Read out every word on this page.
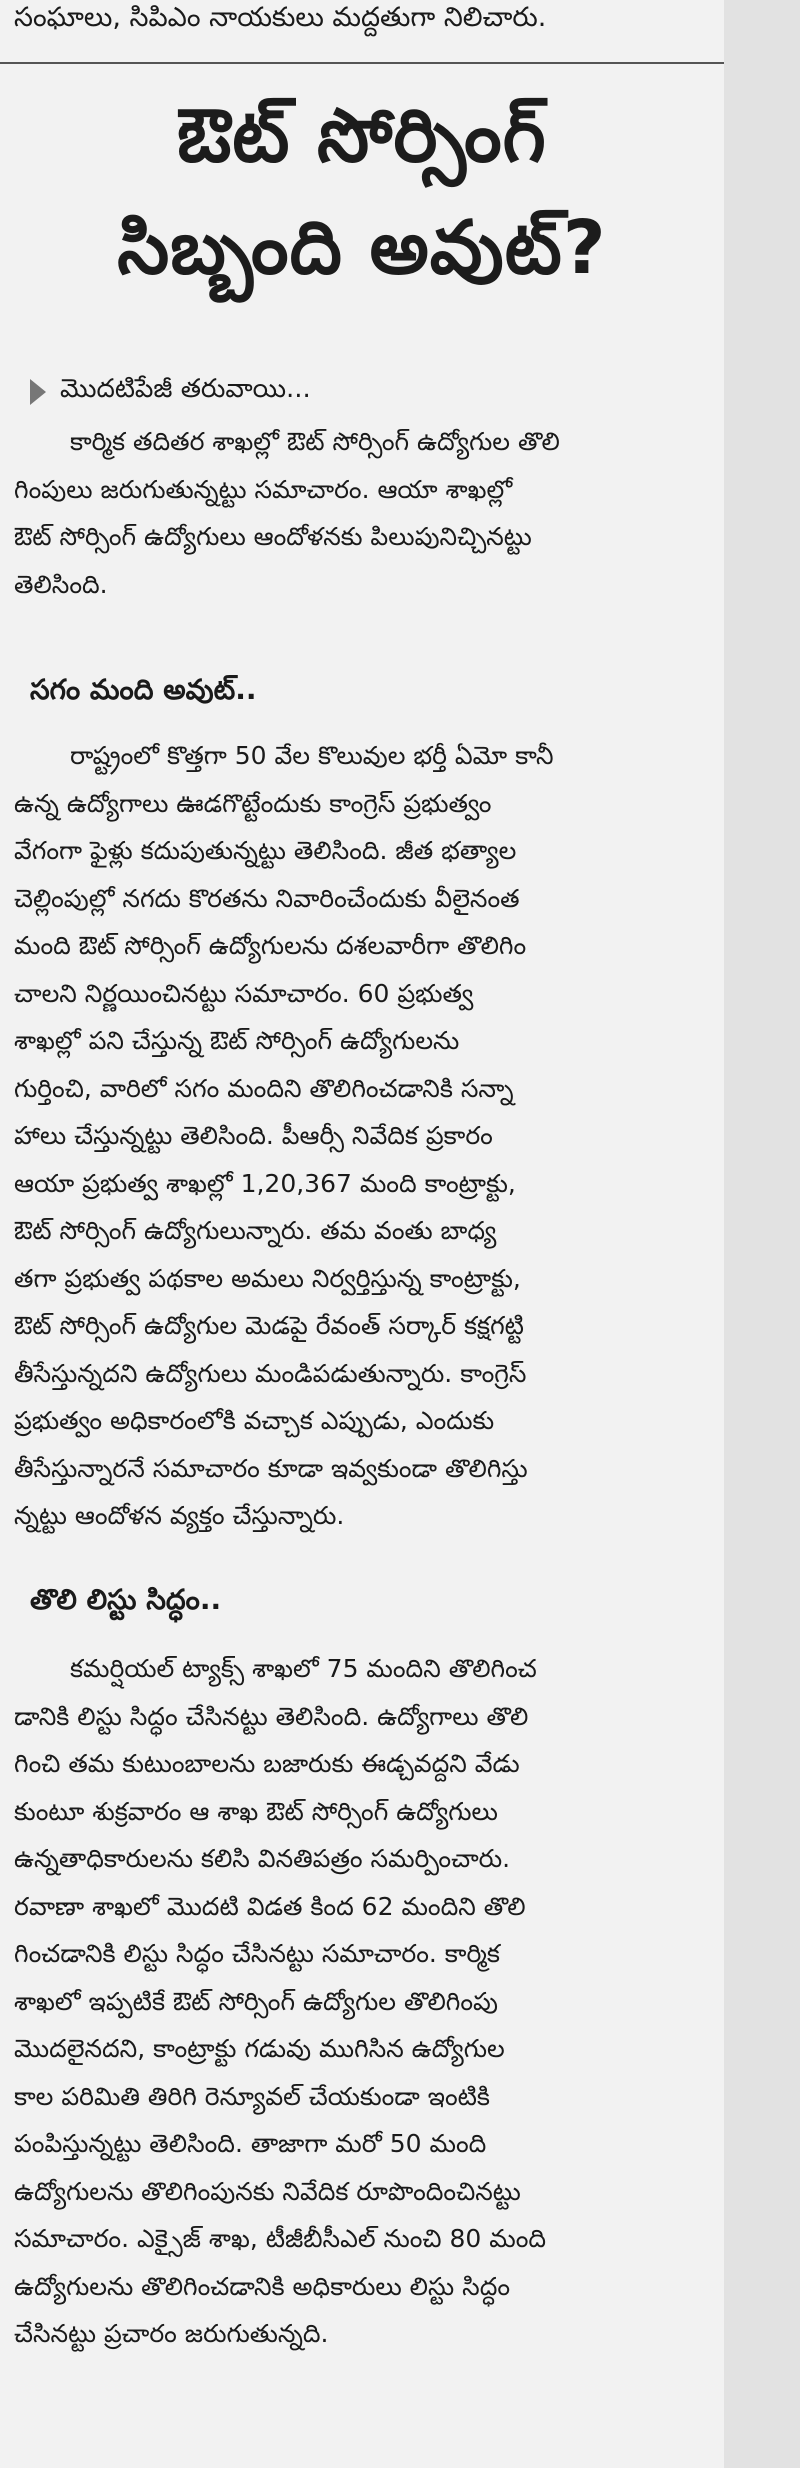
సంఘాలు, సిపిఎం నాయకులు మద్దతుగా నిలిచారు.
ఔట్ సోర్సింగ్
సిబ్బంది అవుట్?
మొదటిపేజీ తరువాయి...
కార్మిక తదితర శాఖల్లో ఔట్ సోర్సింగ్ ఉద్యోగుల తొలి
గింపులు జరుగుతున్నట్టు సమాచారం. ఆయా శాఖల్లో
ఔట్ సోర్సింగ్ ఉద్యోగులు ఆందోళనకు పిలుపునిచ్చినట్టు
తెలిసింది.
సగం మంది అవుట్..
రాష్ట్రంలో కొత్తగా 50 వేల కొలువుల భర్తీ ఏమో కానీ
ఉన్న ఉద్యోగాలు ఊడగొట్టేందుకు కాంగ్రెస్ ప్రభుత్వం
వేగంగా ఫైళ్లు కదుపుతున్నట్టు తెలిసింది. జీత భత్యాల
చెల్లింపుల్లో నగదు కొరతను నివారించేందుకు వీలైనంత
మంది ఔట్ సోర్సింగ్ ఉద్యోగులను దశలవారీగా తొలిగిం
చాలని నిర్ణయించినట్టు సమాచారం. 60 ప్రభుత్వ
శాఖల్లో పని చేస్తున్న ఔట్ సోర్సింగ్ ఉద్యోగులను
గుర్తించి, వారిలో సగం మందిని తొలిగించడానికి సన్నా
హాలు చేస్తున్నట్టు తెలిసింది. పీఆర్సీ నివేదిక ప్రకారం
ఆయా ప్రభుత్వ శాఖల్లో 1,20,367 మంది కాంట్రాక్టు,
ఔట్ సోర్సింగ్ ఉద్యోగులున్నారు. తమ వంతు బాధ్య
తగా ప్రభుత్వ పథకాల అమలు నిర్వర్తిస్తున్న కాంట్రాక్టు,
ఔట్ సోర్సింగ్ ఉద్యోగుల మెడపై రేవంత్ సర్కార్ కక్షగట్టి
తీసేస్తున్నదని ఉద్యోగులు మండిపడుతున్నారు. కాంగ్రెస్
ప్రభుత్వం అధికారంలోకి వచ్చాక ఎప్పుడు, ఎందుకు
తీసేస్తున్నారనే సమాచారం కూడా ఇవ్వకుండా తొలిగిస్తు
న్నట్టు ఆందోళన వ్యక్తం చేస్తున్నారు.
తొలి లిస్టు సిద్ధం..
కమర్షియల్ ట్యాక్స్ శాఖలో 75 మందిని తొలిగించ
డానికి లిస్టు సిద్ధం చేసినట్టు తెలిసింది. ఉద్యోగాలు తొలి
గించి తమ కుటుంబాలను బజారుకు ఈడ్చవద్దని వేడు
కుంటూ శుక్రవారం ఆ శాఖ ఔట్ సోర్సింగ్ ఉద్యోగులు
ఉన్నతాధికారులను కలిసి వినతిపత్రం సమర్పించారు.
రవాణా శాఖలో మొదటి విడత కింద 62 మందిని తొలి
గించడానికి లిస్టు సిద్ధం చేసినట్టు సమాచారం. కార్మిక
శాఖలో ఇప్పటికే ఔట్ సోర్సింగ్ ఉద్యోగుల తొలిగింపు
మొదలైనదని, కాంట్రాక్టు గడువు ముగిసిన ఉద్యోగుల
కాల పరిమితి తిరిగి రెన్యూవల్ చేయకుండా ఇంటికి
పంపిస్తున్నట్టు తెలిసింది. తాజాగా మరో 50 మంది
ఉద్యోగులను తొలిగింపునకు నివేదిక రూపొందించినట్టు
సమాచారం. ఎక్సైజ్ శాఖ, టీజీబీసీఎల్ నుంచి 80 మంది
ఉద్యోగులను తొలిగించడానికి అధికారులు లిస్టు సిద్ధం
చేసినట్టు ప్రచారం జరుగుతున్నది.
